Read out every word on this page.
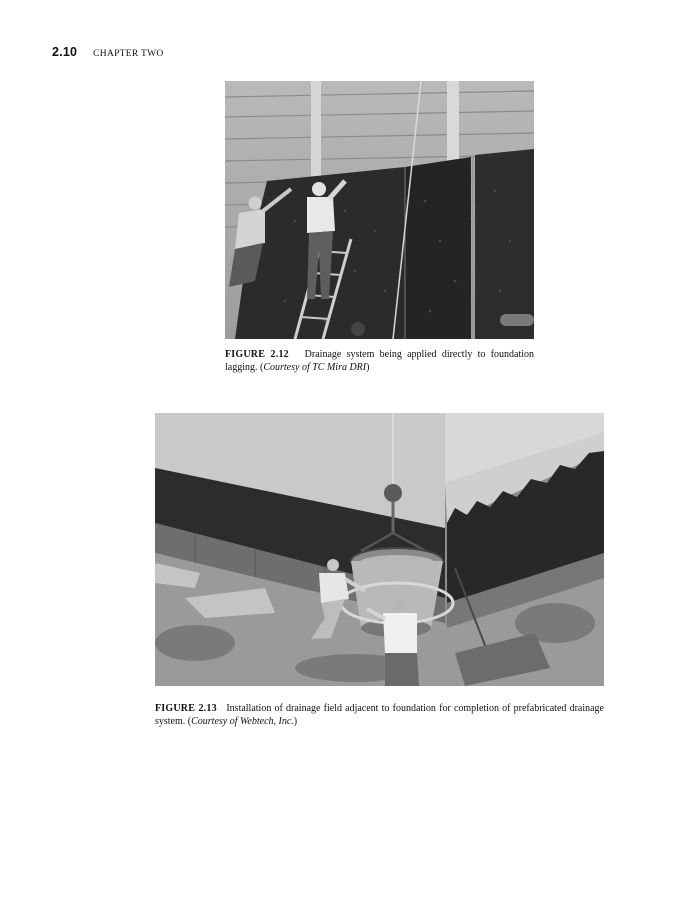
2.10 CHAPTER TWO
FIGURE 2.12 Drainage system being applied directly to foundation lagging. (Courtesy of TC Mira DRI)
FIGURE 2.13 Installation of drainage field adjacent to foundation for completion of prefabricated drainage system. (Courtesy of Webtech, Inc.)
